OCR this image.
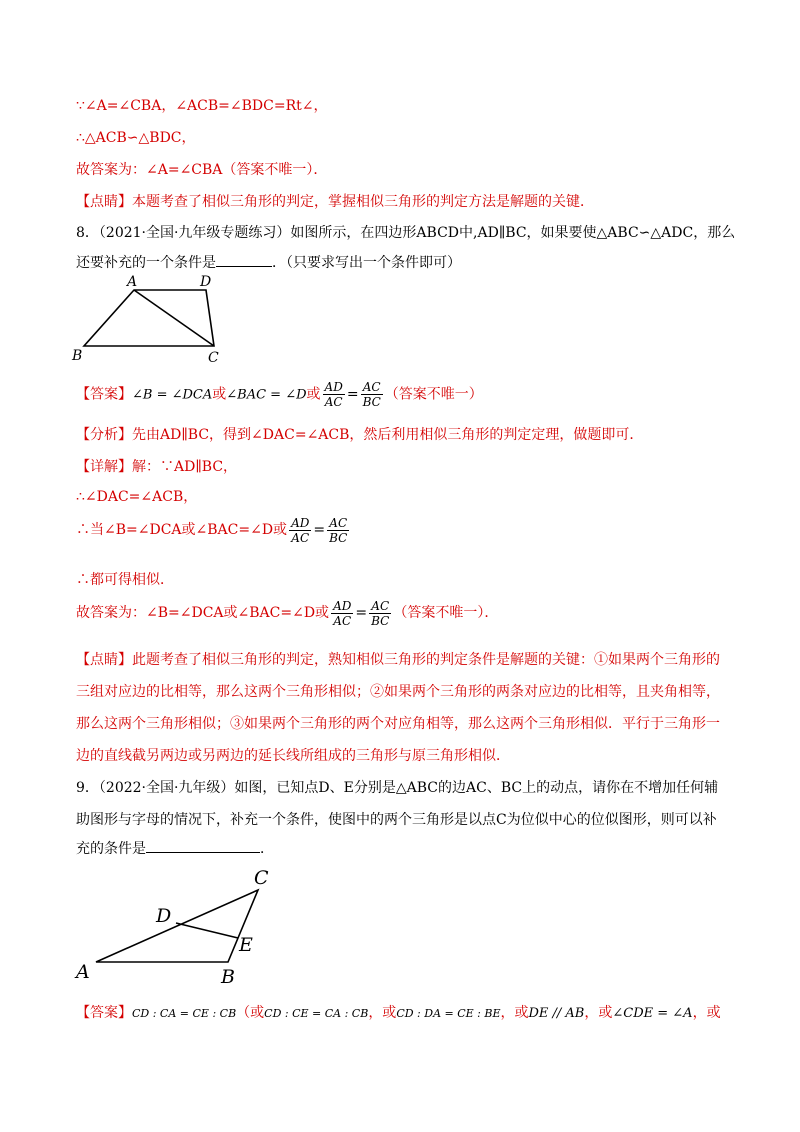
∵∠A=∠CBA，∠ACB=∠BDC=Rt∠，
∴△ACB∽△BDC，
故答案为：∠A=∠CBA（答案不唯一）．
【点睛】本题考查了相似三角形的判定，掌握相似三角形的判定方法是解题的关键．
8．（2021·全国·九年级专题练习）如图所示，在四边形ABCD中,AD∥BC，如果要使△ABC∽△ADC，那么
还要补充的一个条件是	．（只要求写出一个条件即可）
A	D
B	C
【答案】∠B = ∠DCA或∠BAC = ∠D或 $\frac{AD}{AC} = \frac{AC}{BC}$ （答案不唯一）
【分析】先由AD∥BC，得到∠DAC=∠ACB，然后利用相似三角形的判定定理，做题即可．
【详解】解：∵AD∥BC，
∴∠DAC=∠ACB，
∴当∠B=∠DCA或∠BAC=∠D或 $\frac{AD}{AC} = \frac{AC}{BC}$
∴都可得相似．
故答案为：∠B=∠DCA或∠BAC=∠D或 $\frac{AD}{AC} = \frac{AC}{BC}$ （答案不唯一）．
【点睛】此题考查了相似三角形的判定，熟知相似三角形的判定条件是解题的关键：①如果两个三角形的
三组对应边的比相等，那么这两个三角形相似；②如果两个三角形的两条对应边的比相等，且夹角相等，
那么这两个三角形相似；③如果两个三角形的两个对应角相等，那么这两个三角形相似．平行于三角形一
边的直线截另两边或另两边的延长线所组成的三角形与原三角形相似．
9．（2022·全国·九年级）如图，已知点D、E分别是△ABC的边AC、BC上的动点，请你在不增加任何辅
助图形与字母的情况下，补充一个条件，使图中的两个三角形是以点C为位似中心的位似图形，则可以补
充的条件是	．
C
D
E
A	B
【答案】CD : CA = CE : CB（或CD : CE = CA : CB，或CD : DA = CE : BE，或DE // AB，或∠CDE = ∠A，或
